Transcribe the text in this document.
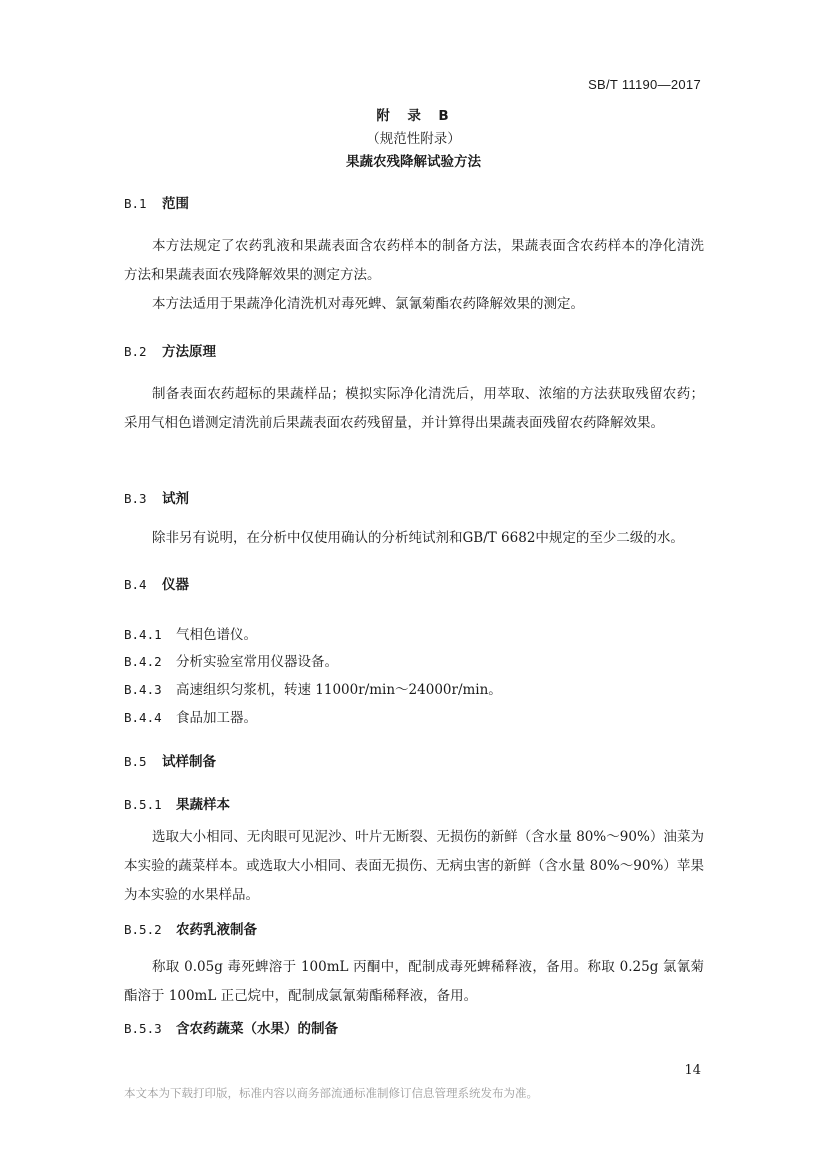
SB/T 11190—2017
附　录　B
（规范性附录）
果蔬农残降解试验方法
B.1 范围
本方法规定了农药乳液和果蔬表面含农药样本的制备方法，果蔬表面含农药样本的净化清洗方法和果蔬表面农残降解效果的测定方法。
本方法适用于果蔬净化清洗机对毒死蜱、氯氰菊酯农药降解效果的测定。
B.2 方法原理
制备表面农药超标的果蔬样品；模拟实际净化清洗后，用萃取、浓缩的方法获取残留农药；采用气相色谱测定清洗前后果蔬表面农药残留量，并计算得出果蔬表面残留农药降解效果。
B.3 试剂
除非另有说明，在分析中仅使用确认的分析纯试剂和GB/T 6682中规定的至少二级的水。
B.4 仪器
B.4.1 气相色谱仪。
B.4.2 分析实验室常用仪器设备。
B.4.3 高速组织匀浆机，转速 11000r/min～24000r/min。
B.4.4 食品加工器。
B.5 试样制备
B.5.1 果蔬样本
选取大小相同、无肉眼可见泥沙、叶片无断裂、无损伤的新鲜（含水量 80%～90%）油菜为本实验的蔬菜样本。或选取大小相同、表面无损伤、无病虫害的新鲜（含水量 80%～90%）苹果为本实验的水果样品。
B.5.2 农药乳液制备
称取 0.05g 毒死蜱溶于 100mL 丙酮中，配制成毒死蜱稀释液，备用。称取 0.25g 氯氰菊酯溶于 100mL 正己烷中，配制成氯氰菊酯稀释液，备用。
B.5.3 含农药蔬菜（水果）的制备
14
本文本为下载打印版，标准内容以商务部流通标准制修订信息管理系统发布为准。
